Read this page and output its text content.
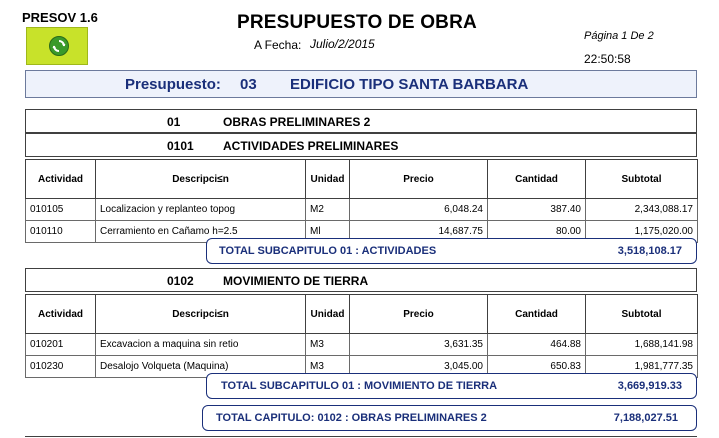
PRESOV 1.6	PRESUPUESTO DE OBRA
A Fecha: Julio/2/2015
Página 1 De 2
22:50:58
Presupuesto: 03 EDIFICIO TIPO SANTA BARBARA
01	OBRAS PRELIMINARES 2
0101 ACTIVIDADES PRELIMINARES
Actividad	Descripci≤n	Unidad	Precio	Cantidad	Subtotal
010105	Localizacion y replanteo topog	M2	6,048.24	387.40	2,343,088.17
010110	Cerramiento en Cañamo h=2.5	Ml	14,687.75	80.00	1,175,020.00
TOTAL SUBCAPITULO 01 : ACTIVIDADES	3,518,108.17
0102 MOVIMIENTO DE TIERRA
Actividad	Descripci≤n	Unidad	Precio	Cantidad	Subtotal
010201	Excavacion a maquina sin retio	M3	3,631.35	464.88	1,688,141.98
010230	Desalojo Volqueta (Maquina)	M3	3,045.00	650.83	1,981,777.35
TOTAL SUBCAPITULO 01 : MOVIMIENTO DE TIERRA	3,669,919.33
TOTAL CAPITULO: 0102 : OBRAS PRELIMINARES 2	7,188,027.51
